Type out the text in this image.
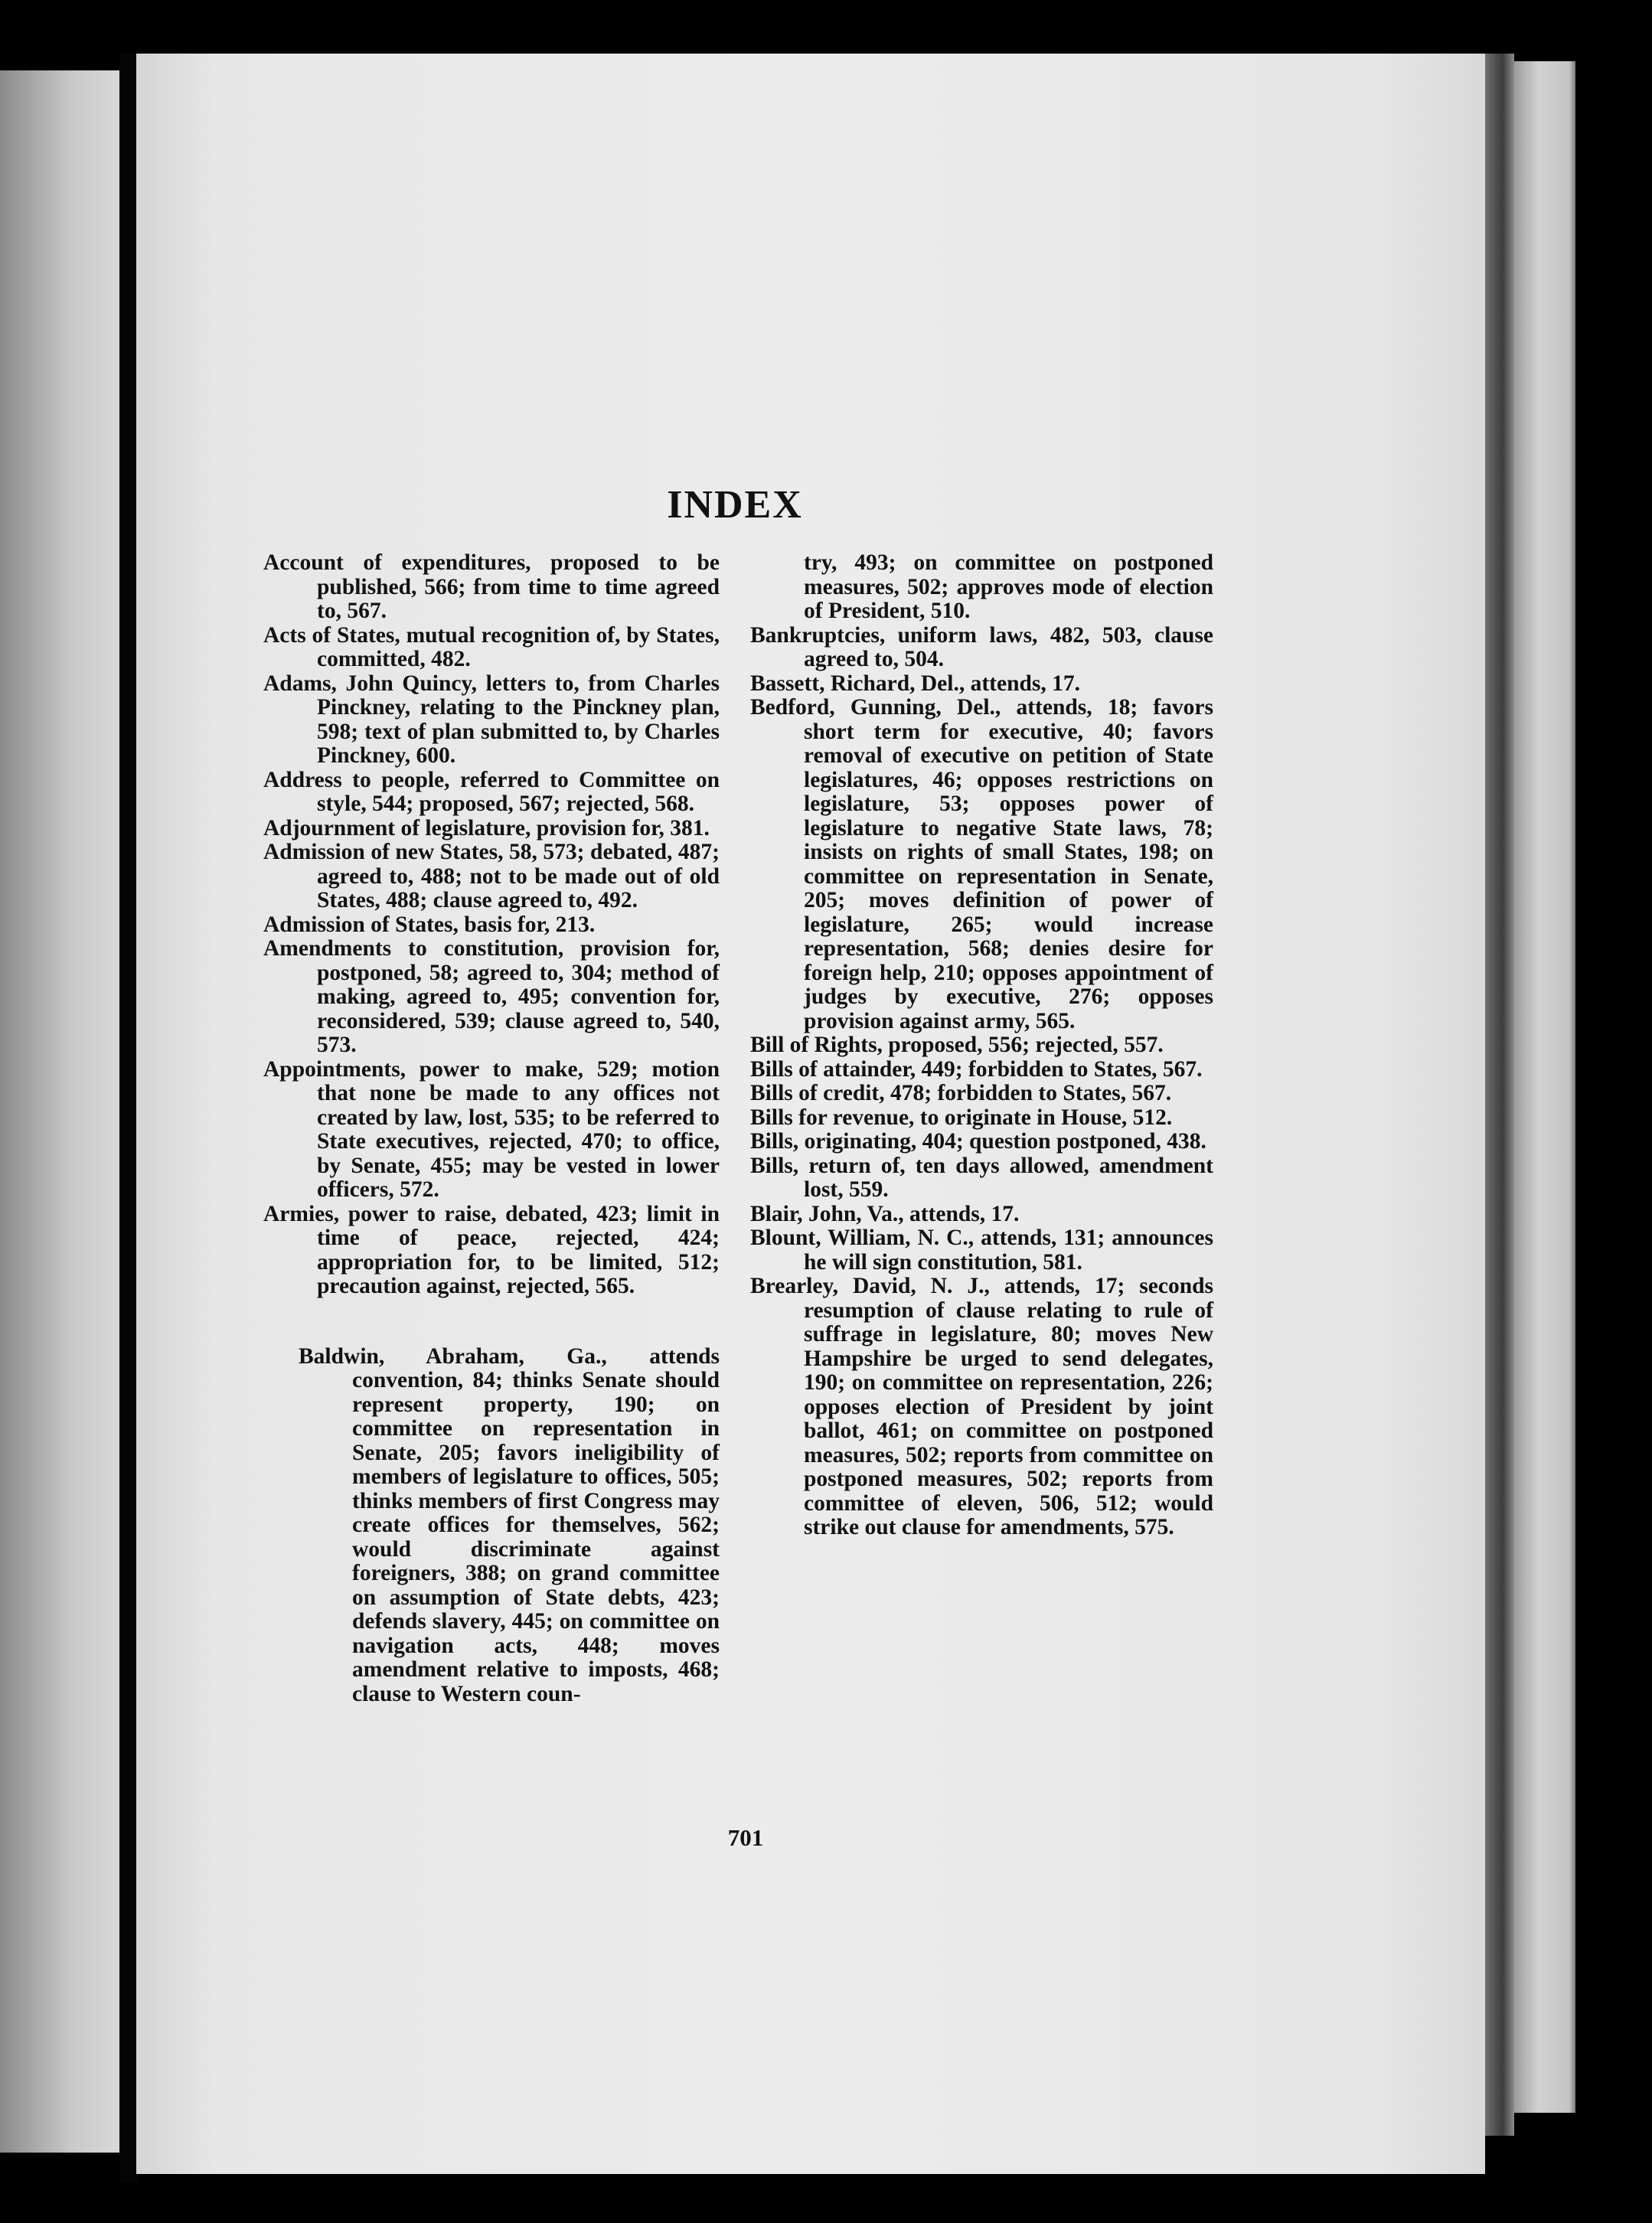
INDEX

Account of expenditures, proposed to be published, 566; from time to time agreed to, 567.

Acts of States, mutual recognition of, by States, committed, 482.

Adams, John Quincy, letters to, from Charles Pinckney, relating to the Pinckney plan, 598; text of plan submitted to, by Charles Pinckney, 600.

Address to people, referred to Committee on style, 544; proposed, 567; rejected, 568.

Adjournment of legislature, provision for, 381.

Admission of new States, 58, 573; debated, 487; agreed to, 488; not to be made out of old States, 488; clause agreed to, 492.

Admission of States, basis for, 213.

Amendments to constitution, provision for, postponed, 58; agreed to, 304; method of making, agreed to, 495; convention for, reconsidered, 539; clause agreed to, 540, 573.

Appointments, power to make, 529; motion that none be made to any offices not created by law, lost, 535; to be referred to State executives, rejected, 470; to office, by Senate, 455; may be vested in lower officers, 572.

Armies, power to raise, debated, 423; limit in time of peace, rejected, 424; appropriation for, to be limited, 512; precaution against, rejected, 565.

Baldwin, Abraham, Ga., attends convention, 84; thinks Senate should represent property, 190; on committee on representation in Senate, 205; favors ineligibility of members of legislature to offices, 505; thinks members of first Congress may create offices for themselves, 562; would discriminate against foreigners, 388; on grand committee on assumption of State debts, 423; defends slavery, 445; on committee on navigation acts, 448; moves amendment relative to imposts, 468; clause to Western coun-

try, 493; on committee on postponed measures, 502; approves mode of election of President, 510.

Bankruptcies, uniform laws, 482, 503, clause agreed to, 504.

Bassett, Richard, Del., attends, 17.

Bedford, Gunning, Del., attends, 18; favors short term for executive, 40; favors removal of executive on petition of State legislatures, 46; opposes restrictions on legislature, 53; opposes power of legislature to negative State laws, 78; insists on rights of small States, 198; on committee on representation in Senate, 205; moves definition of power of legislature, 265; would increase representation, 568; denies desire for foreign help, 210; opposes appointment of judges by executive, 276; opposes provision against army, 565.

Bill of Rights, proposed, 556; rejected, 557.

Bills of attainder, 449; forbidden to States, 567.

Bills of credit, 478; forbidden to States, 567.

Bills for revenue, to originate in House, 512.

Bills, originating, 404; question postponed, 438.

Bills, return of, ten days allowed, amendment lost, 559.

Blair, John, Va., attends, 17.

Blount, William, N. C., attends, 131; announces he will sign constitution, 581.

Brearley, David, N. J., attends, 17; seconds resumption of clause relating to rule of suffrage in legislature, 80; moves New Hampshire be urged to send delegates, 190; on committee on representation, 226; opposes election of President by joint ballot, 461; on committee on postponed measures, 502; reports from committee on postponed measures, 502; reports from committee of eleven, 506, 512; would strike out clause for amendments, 575.

701
